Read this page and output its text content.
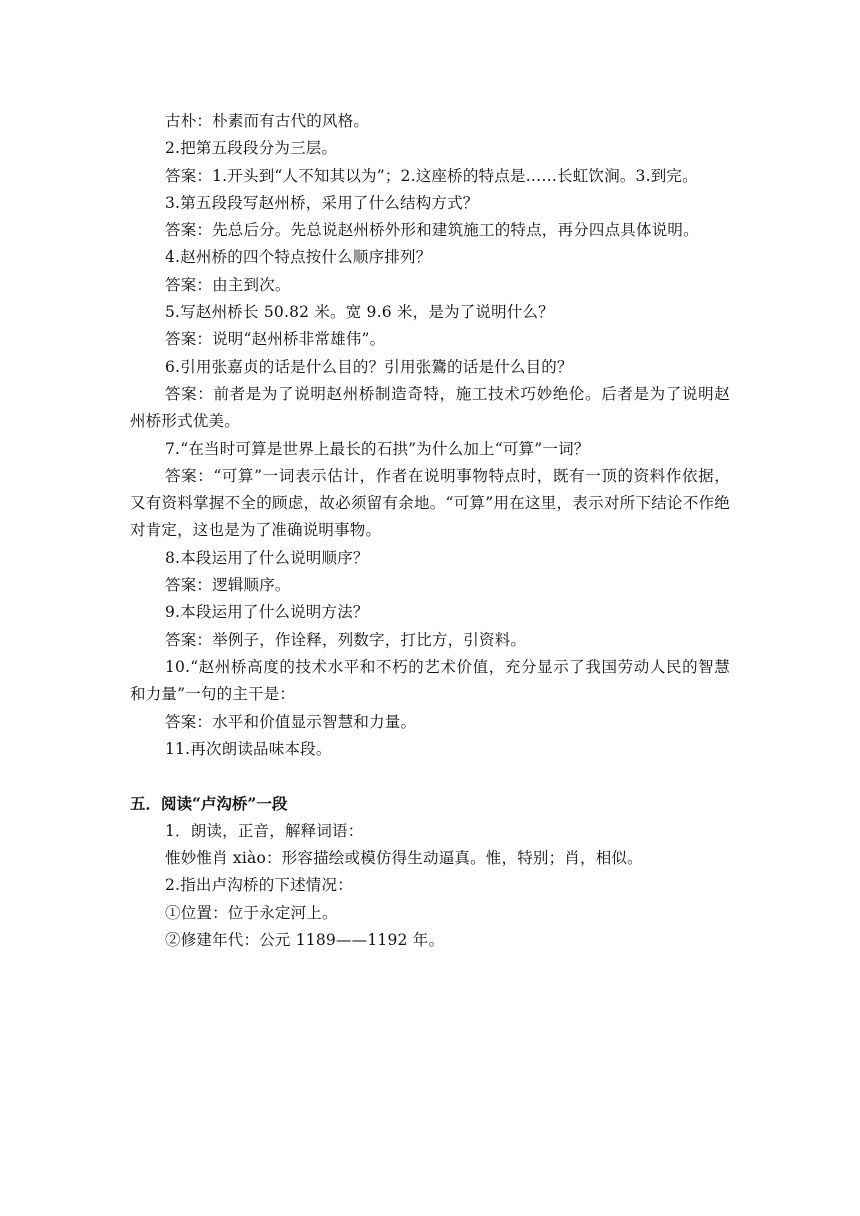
古朴：朴素而有古代的风格。
2.把第五段段分为三层。
答案：1.开头到“人不知其以为”；2.这座桥的特点是……长虹饮涧。3.到完。
3.第五段段写赵州桥，采用了什么结构方式？
答案：先总后分。先总说赵州桥外形和建筑施工的特点，再分四点具体说明。
4.赵州桥的四个特点按什么顺序排列？
答案：由主到次。
5.写赵州桥长 50.82 米。宽 9.6 米，是为了说明什么？
答案：说明“赵州桥非常雄伟”。
6.引用张嘉贞的话是什么目的？引用张鷟的话是什么目的？
答案：前者是为了说明赵州桥制造奇特，施工技术巧妙绝伦。后者是为了说明赵州桥形式优美。
7.“在当时可算是世界上最长的石拱”为什么加上“可算”一词？
答案：“可算”一词表示估计，作者在说明事物特点时，既有一顶的资料作依据，又有资料掌握不全的顾虑，故必须留有余地。“可算”用在这里，表示对所下结论不作绝对肯定，这也是为了准确说明事物。
8.本段运用了什么说明顺序？
答案：逻辑顺序。
9.本段运用了什么说明方法？
答案：举例子，作诠释，列数字，打比方，引资料。
10.“赵州桥高度的技术水平和不朽的艺术价值，充分显示了我国劳动人民的智慧和力量”一句的主干是：
答案：水平和价值显示智慧和力量。
11.再次朗读品味本段。
五．阅读“卢沟桥”一段
1．朗读，正音，解释词语：
惟妙惟肖 xiào：形容描绘或模仿得生动逼真。惟，特别；肖，相似。
2.指出卢沟桥的下述情况：
①位置：位于永定河上。
②修建年代：公元 1189——1192 年。
